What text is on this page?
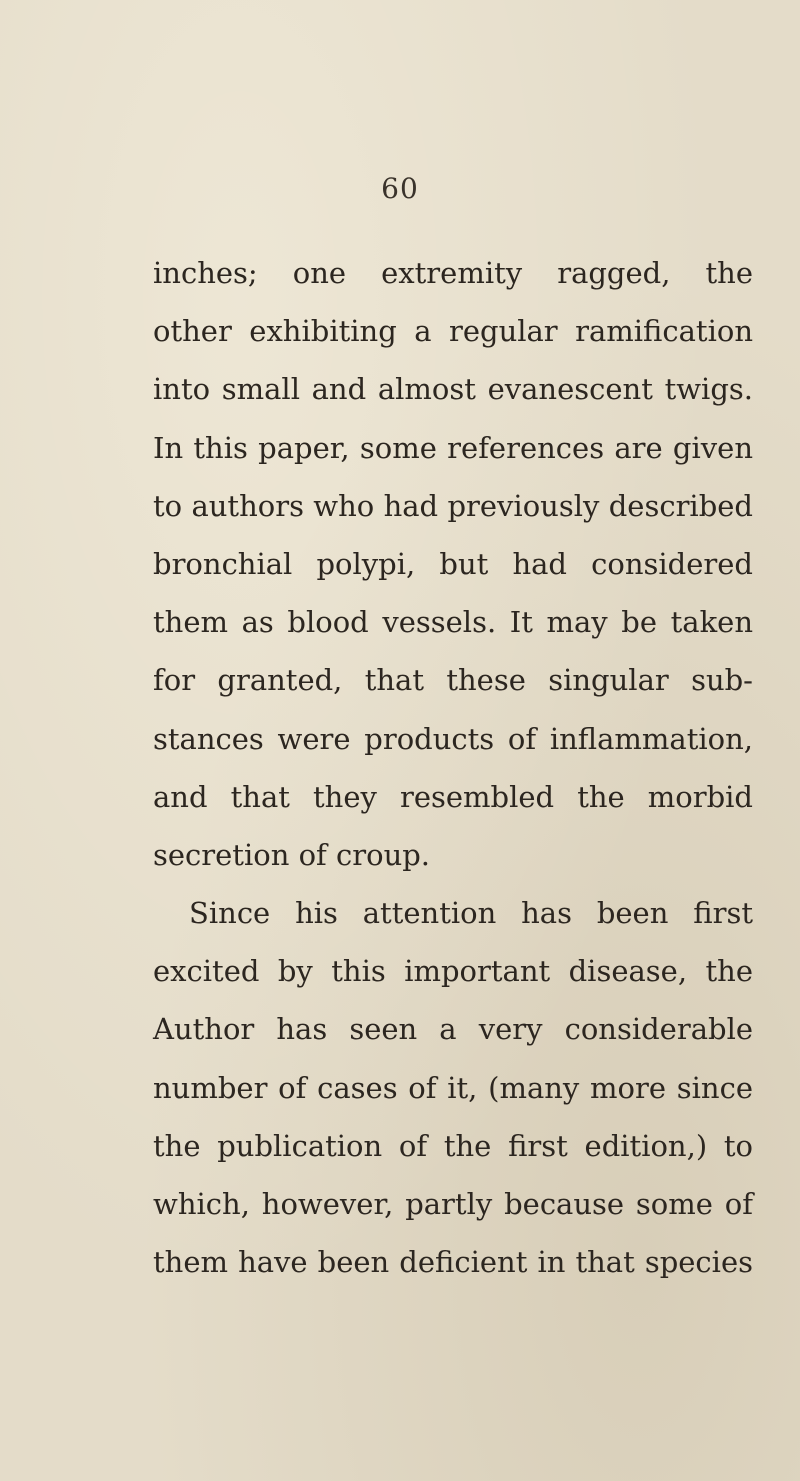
60
inches; one extremity ragged, the
other exhibiting a regular ramification
into small and almost evanescent twigs.
In this paper, some references are given
to authors who had previously described
bronchial polypi, but had considered
them as blood vessels. It may be taken
for granted, that these singular sub-
stances were products of inflammation,
and that they resembled the morbid
secretion of croup.
Since his attention has been first
excited by this important disease, the
Author has seen a very considerable
number of cases of it, (many more since
the publication of the first edition,) to
which, however, partly because some of
them have been deficient in that species
